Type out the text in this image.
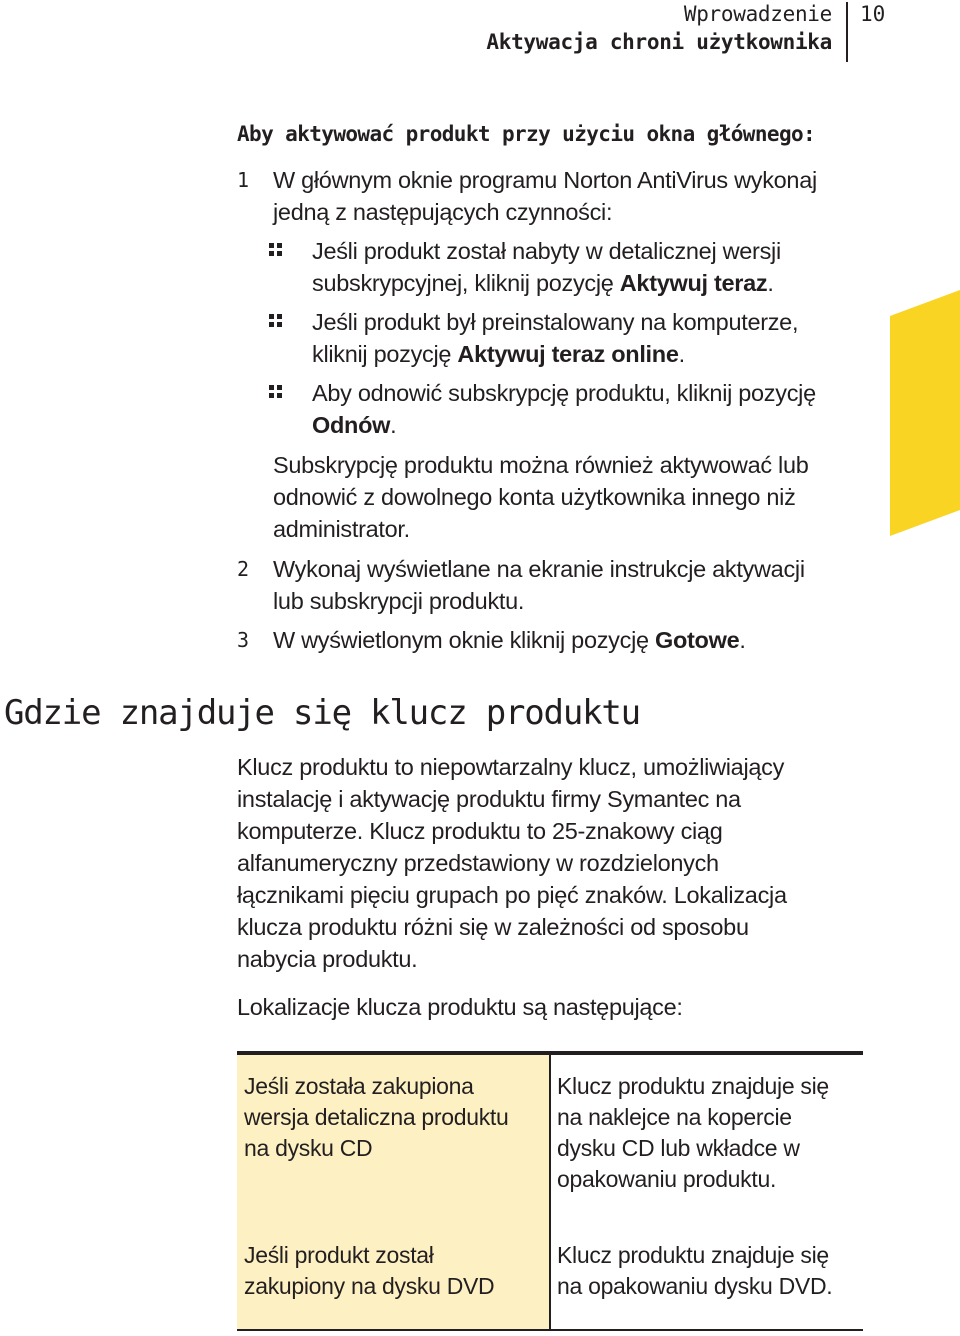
Wprowadzenie
Aktywacja chroni użytkownika
10
Aby aktywować produkt przy użyciu okna głównego:
1 W głównym oknie programu Norton AntiVirus wykonaj
jedną z następujących czynności:
Jeśli produkt został nabyty w detalicznej wersji
subskrypcyjnej, kliknij pozycję Aktywuj teraz.
Jeśli produkt był preinstalowany na komputerze,
kliknij pozycję Aktywuj teraz online.
Aby odnowić subskrypcję produktu, kliknij pozycję
Odnów.
Subskrypcję produktu można również aktywować lub
odnowić z dowolnego konta użytkownika innego niż
administrator.
2 Wykonaj wyświetlane na ekranie instrukcje aktywacji
lub subskrypcji produktu.
3 W wyświetlonym oknie kliknij pozycję Gotowe.
Gdzie znajduje się klucz produktu
Klucz produktu to niepowtarzalny klucz, umożliwiający
instalację i aktywację produktu firmy Symantec na
komputerze. Klucz produktu to 25-znakowy ciąg
alfanumeryczny przedstawiony w rozdzielonych
łącznikami pięciu grupach po pięć znaków. Lokalizacja
klucza produktu różni się w zależności od sposobu
nabycia produktu.
Lokalizacje klucza produktu są następujące:
Jeśli została zakupiona
wersja detaliczna produktu
na dysku CD
Klucz produktu znajduje się
na naklejce na kopercie
dysku CD lub wkładce w
opakowaniu produktu.
Jeśli produkt został
zakupiony na dysku DVD
Klucz produktu znajduje się
na opakowaniu dysku DVD.
